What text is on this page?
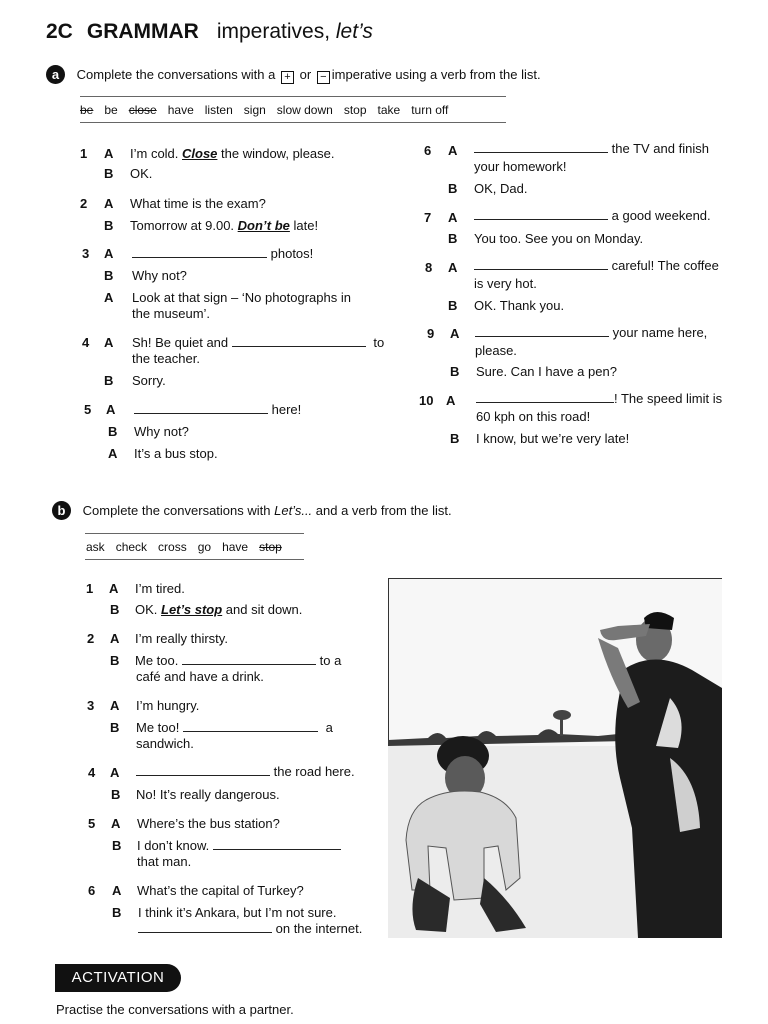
2C GRAMMAR imperatives, let’s
a Complete the conversations with a + or − imperative using a verb from the list.
be be close have listen sign slow down stop take turn off
1 A I’m cold. Close the window, please.
B OK.
2 A What time is the exam?
B Tomorrow at 9.00. Don’t be late!
3 A	photos!
B Why not?
A Look at that sign – ‘No photographs in
the museum’.
4 A Sh! Be quiet and	to
the teacher.
B Sorry.
5 A	here!
B Why not?
A It’s a bus stop.
6 A	the TV and finish
your homework!
B OK, Dad.
7 A	a good weekend.
B You too. See you on Monday.
8 A	careful! The coffee
is very hot.
B OK. Thank you.
9 A	your name here,
please.
B Sure. Can I have a pen?
10 A	! The speed limit is
60 kph on this road!
B I know, but we’re very late!
b Complete the conversations with Let’s... and a verb from the list.
ask check cross go have stop
1 A I’m tired.
B OK. Let’s stop and sit down.
2 A I’m really thirsty.
B Me too.	to a
café and have a drink.
3 A I’m hungry.
B Me too!	a
sandwich.
4 A	the road here.
B No! It’s really dangerous.
5 A Where’s the bus station?
B I don’t know.
that man.
6 A What’s the capital of Turkey?
B I think it’s Ankara, but I’m not sure.
on the internet.
ACTIVATION
Practise the conversations with a partner.
